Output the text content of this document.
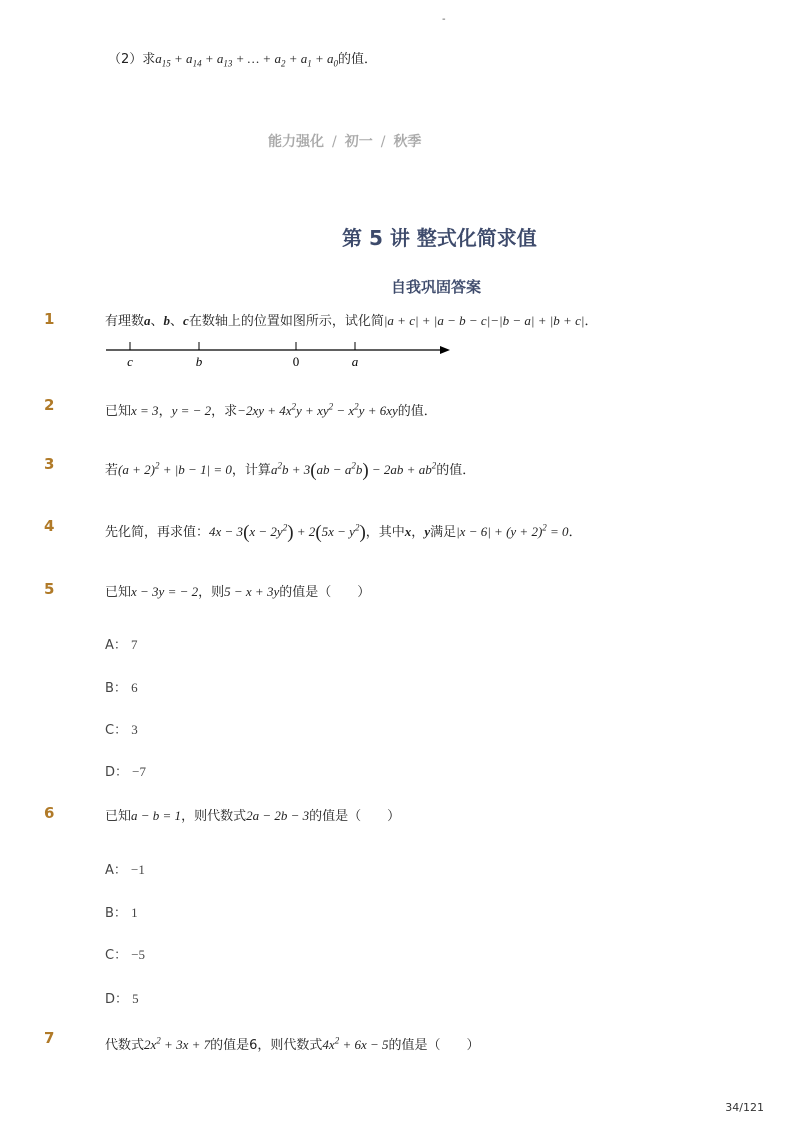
-
（2）求$a_{15} + a_{14} + a_{13}$ + … + $a_2 + a_1 + a_0$的值．
能力强化 / 初一 / 秋季
第 5 讲 整式化简求值
自我巩固答案
1	有理数a、b、c在数轴上的位置如图所示，试化简|a + c| + |a − b − c|−|b − a| + |b + c|．
c	b	0	a
2	已知x = 3，y = − 2，求$-2xy + 4x^2y + xy^2 - x^2y + 6xy$的值．
3	若$(a + 2)^2 + |b - 1| = 0$，计算$a^2b + 3(ab - a^2b) - 2ab + ab^2$的值．
4	先化简，再求值：$4x - 3(x - 2y^2) + 2(5x - y^2)$，其中x，y满足$|x - 6| + (y + 2)^2 = 0$．
5	已知x − 3y = − 2，则5 − x + 3y的值是（　　）
A： 7
B： 6
C： 3
D： −7
6	已知a − b = 1，则代数式2a − 2b − 3的值是（　　）
A： −1
B： 1
C： −5
D： 5
7	代数式$2x^2 + 3x + 7$的值是6，则代数式$4x^2 + 6x - 5$的值是（　　）
34/121
